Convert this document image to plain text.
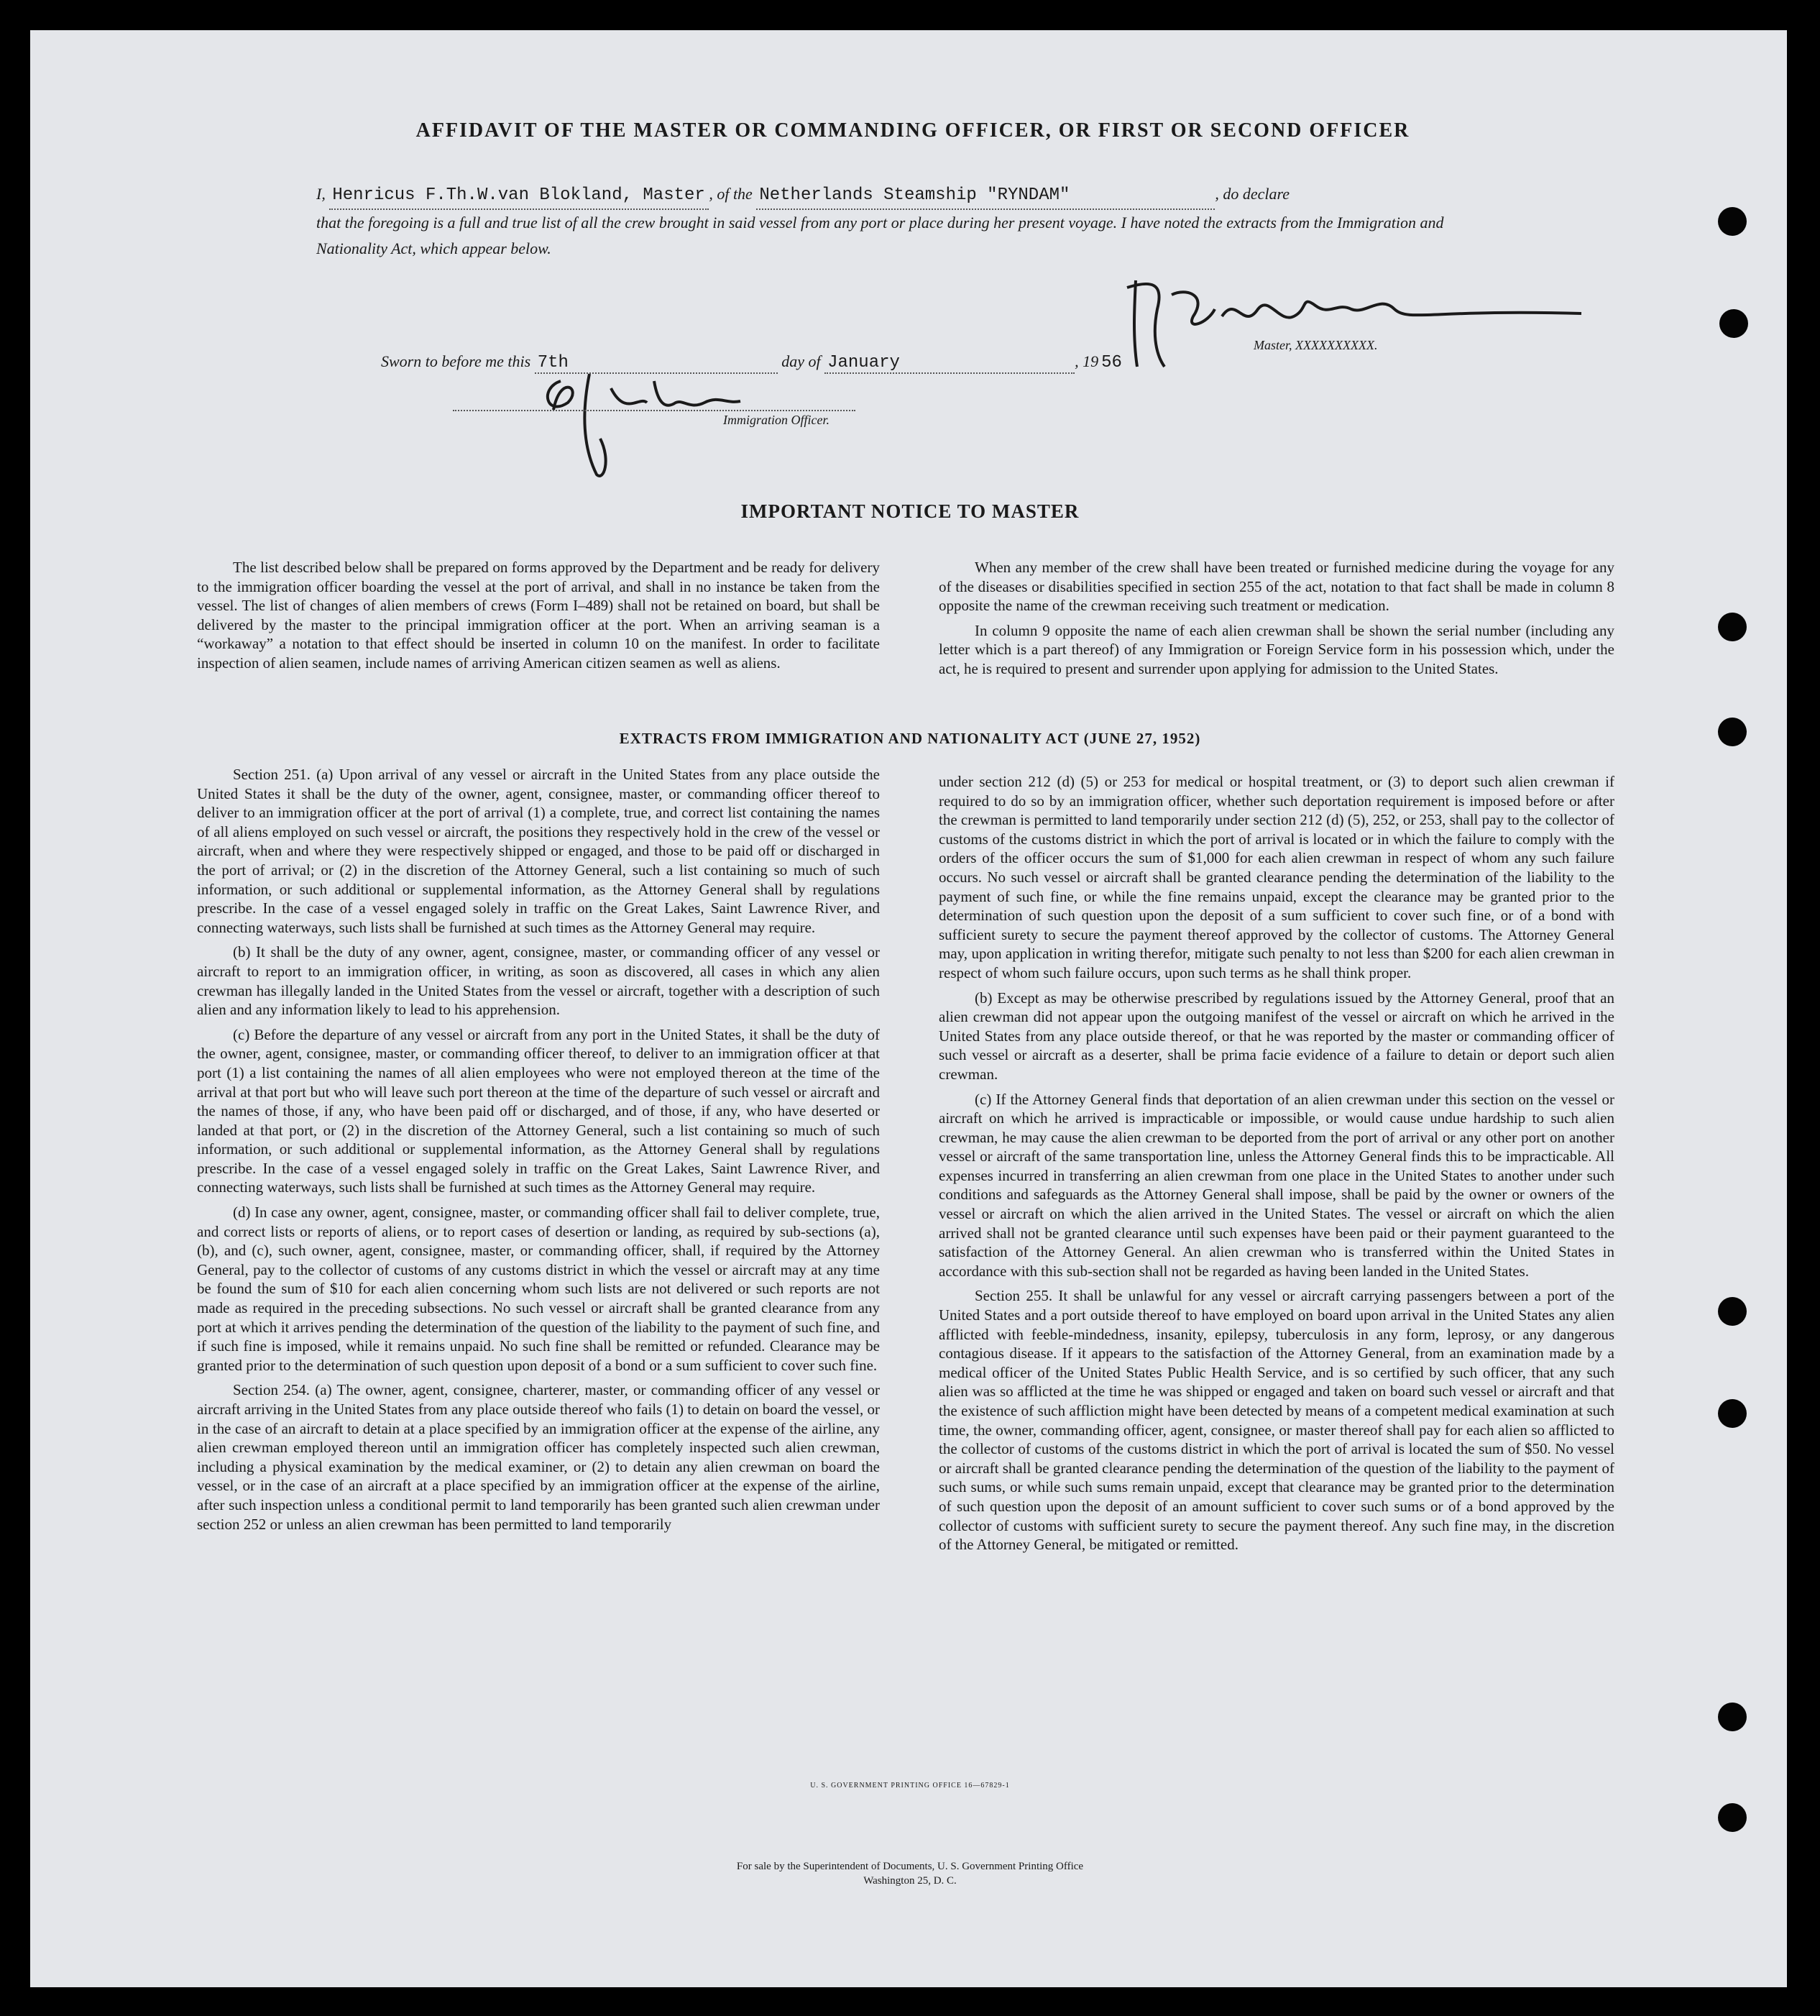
AFFIDAVIT OF THE MASTER OR COMMANDING OFFICER, OR FIRST OR SECOND OFFICER
I, Henricus F.Th.W.van Blokland, Master , of the Netherlands Steamship "RYNDAM"	, do declare
that the foregoing is a full and true list of all the crew brought in said vessel from any port or place during her present voyage. I have noted the extracts from the Immigration and Nationality Act, which appear below.
Master, XXXXXXXXXX.
Sworn to before me this 7th	day of January	, 19 56
Immigration Officer.
IMPORTANT NOTICE TO MASTER

The list described below shall be prepared on forms approved by the Department and be ready for delivery to the immigration officer boarding the vessel at the port of arrival, and shall in no instance be taken from the vessel. The list of changes of alien members of crews (Form I–489) shall not be retained on board, but shall be delivered by the master to the principal immigration officer at the port. When an arriving seaman is a “workaway” a notation to that effect should be inserted in column 10 on the manifest. In order to facilitate inspection of alien seamen, include names of arriving American citizen seamen as well as aliens.

When any member of the crew shall have been treated or furnished medicine during the voyage for any of the diseases or disabilities specified in section 255 of the act, notation to that fact shall be made in column 8 opposite the name of the crewman receiving such treatment or medication.

In column 9 opposite the name of each alien crewman shall be shown the serial number (including any letter which is a part thereof) of any Immigration or Foreign Service form in his possession which, under the act, he is required to present and surrender upon applying for admission to the United States.

EXTRACTS FROM IMMIGRATION AND NATIONALITY ACT (JUNE 27, 1952)

Section 251. (a) Upon arrival of any vessel or aircraft in the United States from any place outside the United States it shall be the duty of the owner, agent, consignee, master, or commanding officer thereof to deliver to an immigration officer at the port of arrival (1) a complete, true, and correct list containing the names of all aliens employed on such vessel or aircraft, the positions they respectively hold in the crew of the vessel or aircraft, when and where they were respectively shipped or engaged, and those to be paid off or discharged in the port of arrival; or (2) in the discretion of the Attorney General, such a list containing so much of such information, or such additional or supplemental information, as the Attorney General shall by regulations prescribe. In the case of a vessel engaged solely in traffic on the Great Lakes, Saint Lawrence River, and connecting waterways, such lists shall be furnished at such times as the Attorney General may require.

(b) It shall be the duty of any owner, agent, consignee, master, or commanding officer of any vessel or aircraft to report to an immigration officer, in writing, as soon as discovered, all cases in which any alien crewman has illegally landed in the United States from the vessel or aircraft, together with a description of such alien and any information likely to lead to his apprehension.

(c) Before the departure of any vessel or aircraft from any port in the United States, it shall be the duty of the owner, agent, consignee, master, or commanding officer thereof, to deliver to an immigration officer at that port (1) a list containing the names of all alien employees who were not employed thereon at the time of the arrival at that port but who will leave such port thereon at the time of the departure of such vessel or aircraft and the names of those, if any, who have been paid off or discharged, and of those, if any, who have deserted or landed at that port, or (2) in the discretion of the Attorney General, such a list containing so much of such information, or such additional or supplemental information, as the Attorney General shall by regulations prescribe. In the case of a vessel engaged solely in traffic on the Great Lakes, Saint Lawrence River, and connecting waterways, such lists shall be furnished at such times as the Attorney General may require.

(d) In case any owner, agent, consignee, master, or commanding officer shall fail to deliver complete, true, and correct lists or reports of aliens, or to report cases of desertion or landing, as required by sub-sections (a), (b), and (c), such owner, agent, consignee, master, or commanding officer, shall, if required by the Attorney General, pay to the collector of customs of any customs district in which the vessel or aircraft may at any time be found the sum of $10 for each alien concerning whom such lists are not delivered or such reports are not made as required in the preceding subsections. No such vessel or aircraft shall be granted clearance from any port at which it arrives pending the determination of the question of the liability to the payment of such fine, and if such fine is imposed, while it remains unpaid. No such fine shall be remitted or refunded. Clearance may be granted prior to the determination of such question upon deposit of a bond or a sum sufficient to cover such fine.

Section 254. (a) The owner, agent, consignee, charterer, master, or commanding officer of any vessel or aircraft arriving in the United States from any place outside thereof who fails (1) to detain on board the vessel, or in the case of an aircraft to detain at a place specified by an immigration officer at the expense of the airline, any alien crewman employed thereon until an immigration officer has completely inspected such alien crewman, including a physical examination by the medical examiner, or (2) to detain any alien crewman on board the vessel, or in the case of an aircraft at a place specified by an immigration officer at the expense of the airline, after such inspection unless a conditional permit to land temporarily has been granted such alien crewman under section 252 or unless an alien crewman has been permitted to land temporarily

under section 212 (d) (5) or 253 for medical or hospital treatment, or (3) to deport such alien crewman if required to do so by an immigration officer, whether such deportation requirement is imposed before or after the crewman is permitted to land temporarily under section 212 (d) (5), 252, or 253, shall pay to the collector of customs of the customs district in which the port of arrival is located or in which the failure to comply with the orders of the officer occurs the sum of $1,000 for each alien crewman in respect of whom any such failure occurs. No such vessel or aircraft shall be granted clearance pending the determination of the liability to the payment of such fine, or while the fine remains unpaid, except the clearance may be granted prior to the determination of such question upon the deposit of a sum sufficient to cover such fine, or of a bond with sufficient surety to secure the payment thereof approved by the collector of customs. The Attorney General may, upon application in writing therefor, mitigate such penalty to not less than $200 for each alien crewman in respect of whom such failure occurs, upon such terms as he shall think proper.

(b) Except as may be otherwise prescribed by regulations issued by the Attorney General, proof that an alien crewman did not appear upon the outgoing manifest of the vessel or aircraft on which he arrived in the United States from any place outside thereof, or that he was reported by the master or commanding officer of such vessel or aircraft as a deserter, shall be prima facie evidence of a failure to detain or deport such alien crewman.

(c) If the Attorney General finds that deportation of an alien crewman under this section on the vessel or aircraft on which he arrived is impracticable or impossible, or would cause undue hardship to such alien crewman, he may cause the alien crewman to be deported from the port of arrival or any other port on another vessel or aircraft of the same transportation line, unless the Attorney General finds this to be impracticable. All expenses incurred in transferring an alien crewman from one place in the United States to another under such conditions and safeguards as the Attorney General shall impose, shall be paid by the owner or owners of the vessel or aircraft on which the alien arrived in the United States. The vessel or aircraft on which the alien arrived shall not be granted clearance until such expenses have been paid or their payment guaranteed to the satisfaction of the Attorney General. An alien crewman who is transferred within the United States in accordance with this sub-section shall not be regarded as having been landed in the United States.

Section 255. It shall be unlawful for any vessel or aircraft carrying passengers between a port of the United States and a port outside thereof to have employed on board upon arrival in the United States any alien afflicted with feeble-mindedness, insanity, epilepsy, tuberculosis in any form, leprosy, or any dangerous contagious disease. If it appears to the satisfaction of the Attorney General, from an examination made by a medical officer of the United States Public Health Service, and is so certified by such officer, that any such alien was so afflicted at the time he was shipped or engaged and taken on board such vessel or aircraft and that the existence of such affliction might have been detected by means of a competent medical examination at such time, the owner, commanding officer, agent, consignee, or master thereof shall pay for each alien so afflicted to the collector of customs of the customs district in which the port of arrival is located the sum of $50. No vessel or aircraft shall be granted clearance pending the determination of the question of the liability to the payment of such sums, or while such sums remain unpaid, except that clearance may be granted prior to the determination of such question upon the deposit of an amount sufficient to cover such sums or of a bond approved by the collector of customs with sufficient surety to secure the payment thereof. Any such fine may, in the discretion of the Attorney General, be mitigated or remitted.

U. S. GOVERNMENT PRINTING OFFICE 16—67829-1
For sale by the Superintendent of Documents, U. S. Government Printing Office
Washington 25, D. C.
